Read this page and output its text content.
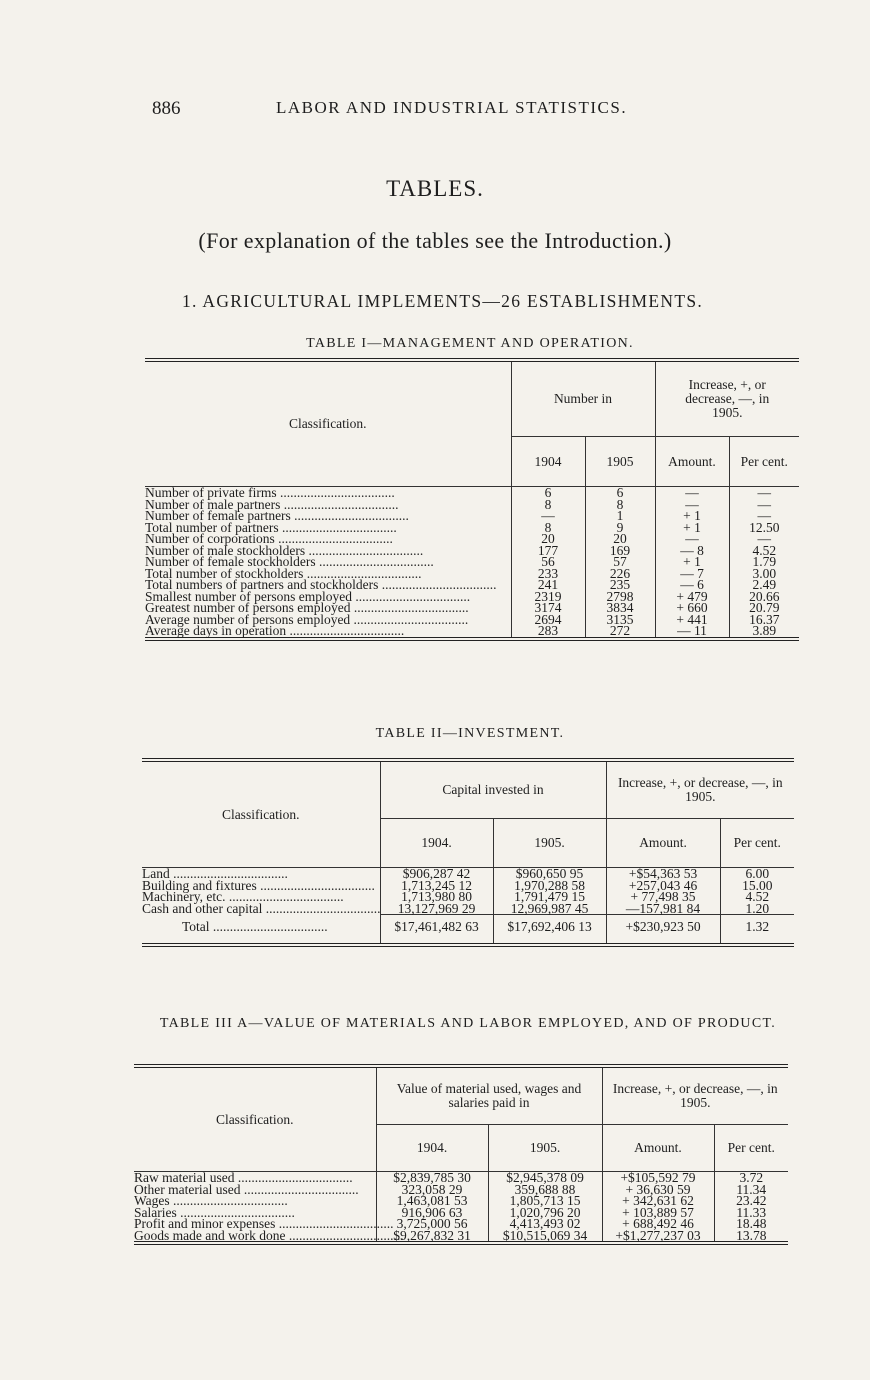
886	LABOR AND INDUSTRIAL STATISTICS.
TABLES.
(For explanation of the tables see the Introduction.)
1. AGRICULTURAL IMPLEMENTS—26 ESTABLISHMENTS.
TABLE I—MANAGEMENT AND OPERATION.
Classification.	Number in		Increase, +, or decrease, —, in 1905.	
	1904	1905	Amount.	Per cent.
Number of private firms ..................................	6	6	—	—
Number of male partners ..................................	8	8	—	—
Number of female partners ..................................	—	1	+ 1	—
Total number of partners ..................................	8	9	+ 1	12.50
Number of corporations ..................................	20	20	—	—
Number of male stockholders ..................................	177	169	— 8	4.52
Number of female stockholders ..................................	56	57	+ 1	1.79
Total number of stockholders ..................................	233	226	— 7	3.00
Total numbers of partners and stockholders ..................................	241	235	— 6	2.49
Smallest number of persons employed ..................................	2319	2798	+ 479	20.66
Greatest number of persons employed ..................................	3174	3834	+ 660	20.79
Average number of persons employed ..................................	2694	3135	+ 441	16.37
Average days in operation ..................................	283	272	— 11	3.89
TABLE II—INVESTMENT.
Classification.	Capital invested in		Increase, +, or decrease, —, in 1905.	
	1904.	1905.	Amount.	Per cent.
Land ..................................	$906,287 42	$960,650 95	+$54,363 53	6.00
Building and fixtures ..................................	1,713,245 12	1,970,288 58	+257,043 46	15.00
Machinery, etc. ..................................	1,713,980 80	1,791,479 15	+ 77,498 35	4.52
Cash and other capital ..................................	13,127,969 29	12,969,987 45	—157,981 84	1.20
Total ..................................	$17,461,482 63	$17,692,406 13	+$230,923 50	1.32
TABLE III A—VALUE OF MATERIALS AND LABOR EMPLOYED, AND OF PRODUCT.
Classification.	Value of material used, wages and salaries paid in		Increase, +, or decrease, —, in 1905.	
	1904.	1905.	Amount.	Per cent.
Raw material used ..................................	$2,839,785 30	$2,945,378 09	+$105,592 79	3.72
Other material used ..................................	323,058 29	359,688 88	+ 36,630 59	11.34
Wages ..................................	1,463,081 53	1,805,713 15	+ 342,631 62	23.42
Salaries ..................................	916,906 63	1,020,796 20	+ 103,889 57	11.33
Profit and minor expenses ..................................	3,725,000 56	4,413,493 02	+ 688,492 46	18.48
Goods made and work done ..................................	$9,267,832 31	$10,515,069 34	+$1,277,237 03	13.78
